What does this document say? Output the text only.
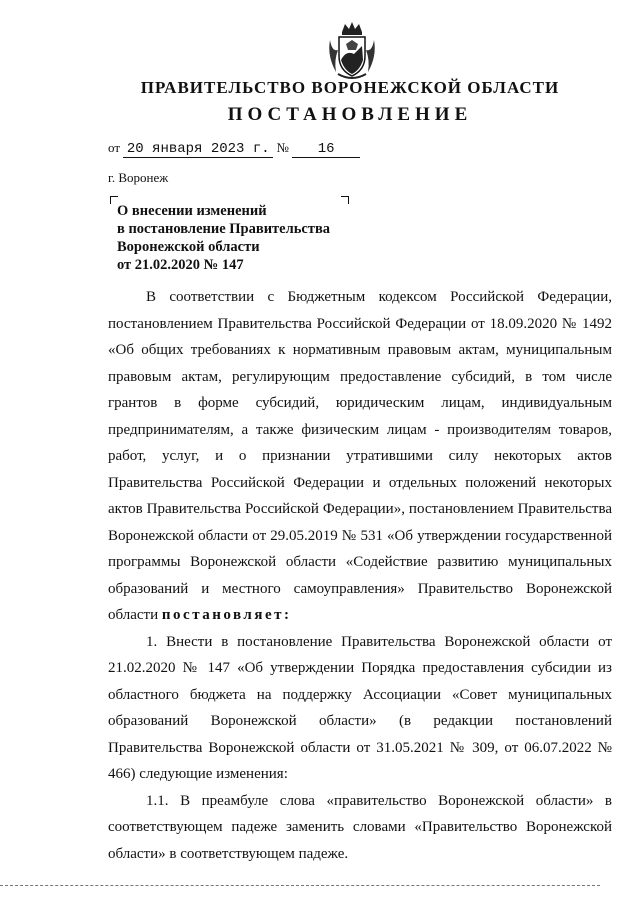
ПРАВИТЕЛЬСТВО ВОРОНЕЖСКОЙ ОБЛАСТИ
ПОСТАНОВЛЕНИЕ
от 20 января 2023 г. № 16
г. Воронеж
О внесении изменений
в постановление Правительства
Воронежской области
от 21.02.2020 № 147

В соответствии с Бюджетным кодексом Российской Федерации, постановлением Правительства Российской Федерации от 18.09.2020 № 1492 «Об общих требованиях к нормативным правовым актам, муниципальным правовым актам, регулирующим предоставление субсидий, в том числе грантов в форме субсидий, юридическим лицам, индивидуальным предпринимателям, а также физическим лицам - производителям товаров, работ, услуг, и о признании утратившими силу некоторых актов Правительства Российской Федерации и отдельных положений некоторых актов Правительства Российской Федерации», постановлением Правительства Воронежской области от 29.05.2019 № 531 «Об утверждении государственной программы Воронежской области «Содействие развитию муниципальных образований и местного самоуправления» Правительство Воронежской области постановляет:

1. Внести в постановление Правительства Воронежской области от 21.02.2020 № 147 «Об утверждении Порядка предоставления субсидии из областного бюджета на поддержку Ассоциации «Совет муниципальных образований Воронежской области» (в редакции постановлений Правительства Воронежской области от 31.05.2021 № 309, от 06.07.2022 № 466) следующие изменения:

1.1. В преамбуле слова «правительство Воронежской области» в соответствующем падеже заменить словами «Правительство Воронежской области» в соответствующем падеже.
